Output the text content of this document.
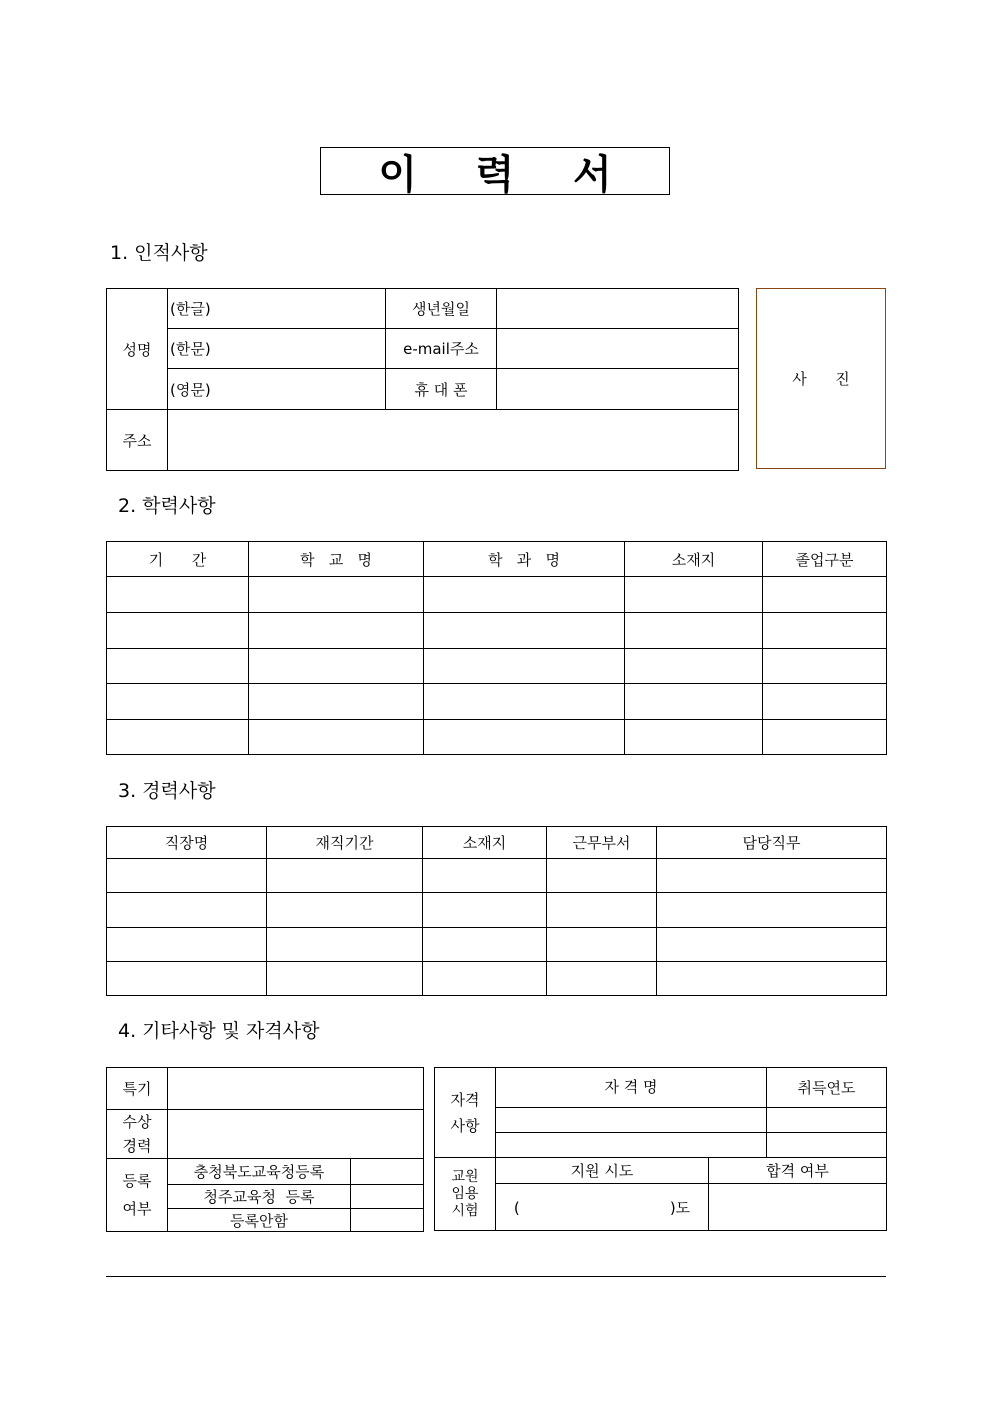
이 력 서
1. 인적사항
성명	(한글)	생년월일	
	(한문)	e-mail주소	
	(영문)	휴 대 폰	
주소			
사      진
2. 학력사항
기      간	학   교   명	학   과   명	소재지	졸업구분

3. 경력사항
직장명	재직기간	소재지	근무부서	담당직무

4. 기타사항 및 자격사항
특기		

수상
경력		

등록
여부	충청북도교육청등록	
	청주교육청  등록	
	등록안함	
자격
사항	자 격 명		취득연도

교원
임용
시험	지원 시도	합격 여부	
	( )도		
